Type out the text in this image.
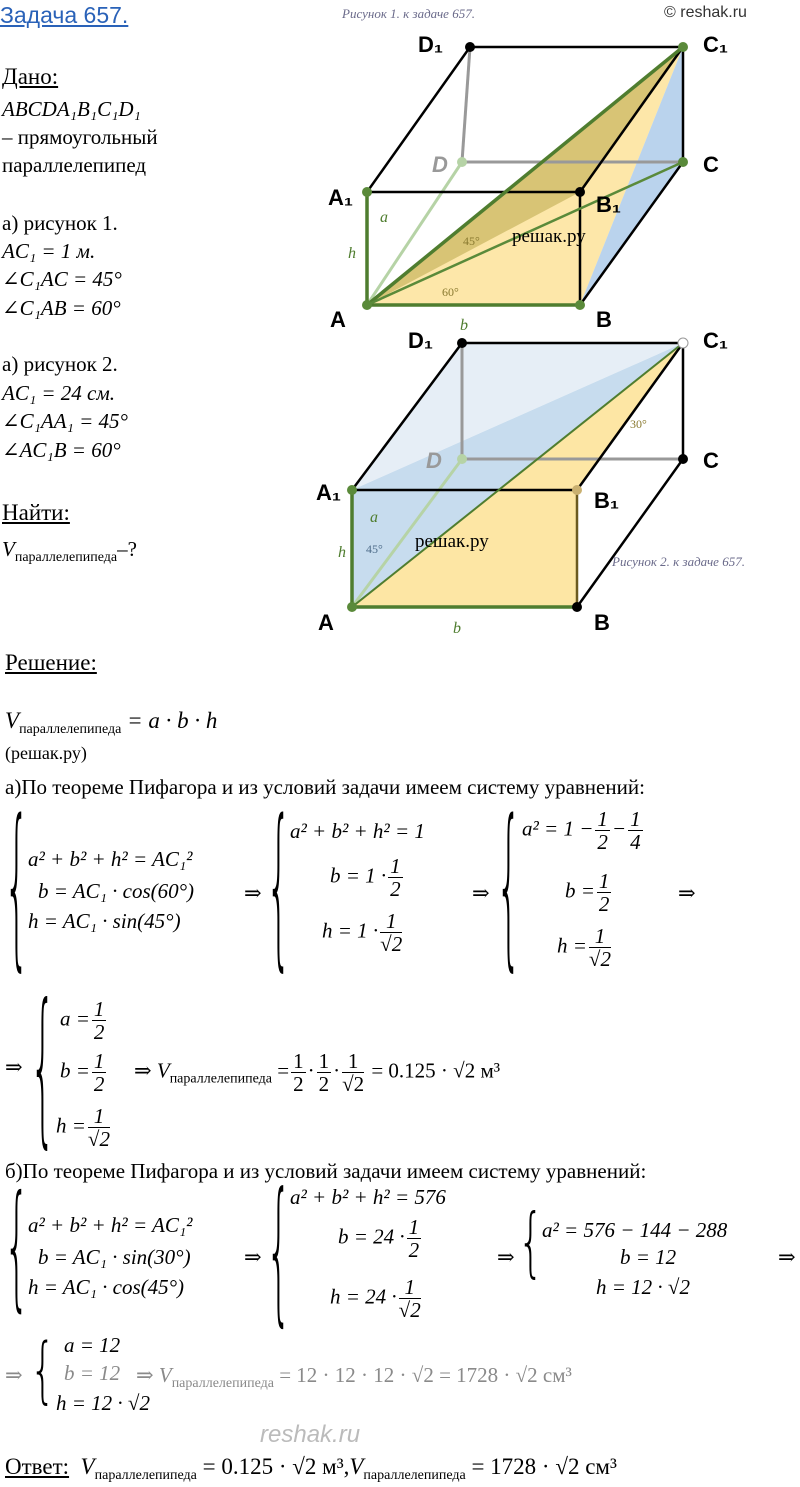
Задача 657.	© reshak.ru
Дано:
ABCDA₁B₁C₁D₁
– прямоугольный
параллелепипед
а) рисунок 1.
AC₁ = 1 м.
∠C₁AC = 45°
∠C₁AB = 60°
а) рисунок 2.
AC₁ = 24 см.
∠C₁AA₁ = 45°
∠AC₁B = 60°
Найти:
$V_{параллелепипеда}-$?
Рисунок 1. к задаче 657.
A	B
C
D
A₁	B₁
C₁
D₁
a
h
b
45°
60°
решак.ру
Рисунок 2. к задаче 657.
A	B
C
D
A₁	B₁
C₁
D₁
a
h
b
45°
30°
решак.ру
Решение:
$V_{параллелепипеда} = a \cdot b \cdot h$
(решак.ру)
а)По теореме Пифагора и из условий задачи имеем систему уравнений:
{
a² + b² + h² = AC₁²
b = AC₁ · cos(60°)
h = AC₁ · sin(45°)
⇒ {
a² + b² + h² = 1
$b = 1 \cdot \frac{1}{2}$
$h = 1 \cdot \frac{1}{√2}$
⇒ { $a^2 = 1 - \frac{1}{2} - \frac{1}{4}$
$b = \frac{1}{2}$
$h = \frac{1}{√2}$
⇒
⇒ { $a = \frac{1}{2}$
$b = \frac{1}{2}$
$h = \frac{1}{√2}$
⇒ $V_{параллелепипеда} = \frac{1}{2} \cdot \frac{1}{2} \cdot \frac{1}{√2} = 0.125 \cdot √2$ м³
б)По теореме Пифагора и из условий задачи имеем систему уравнений:
{
a² + b² + h² = AC₁²
b = AC₁ · sin(30°)
h = AC₁ · cos(45°)
⇒ {
a² + b² + h² = 576
$b = 24 \cdot \frac{1}{2}$
$h = 24 \cdot \frac{1}{√2}$
⇒ {
a² = 576 − 144 − 288
b = 12
h = 12 · √2
⇒
⇒ { a = 12
b = 12
h = 12 · √2
⇒ $V_{параллелепипеда} = 12 \cdot 12 \cdot 12 \cdot √2 = 1728 \cdot √2$ см³
reshak.ru
Ответ: $V_{параллелепипеда} = 0.125 \cdot √2$ $м^3,V_{параллелепипеда} = 1728 \cdot √2$ см³
